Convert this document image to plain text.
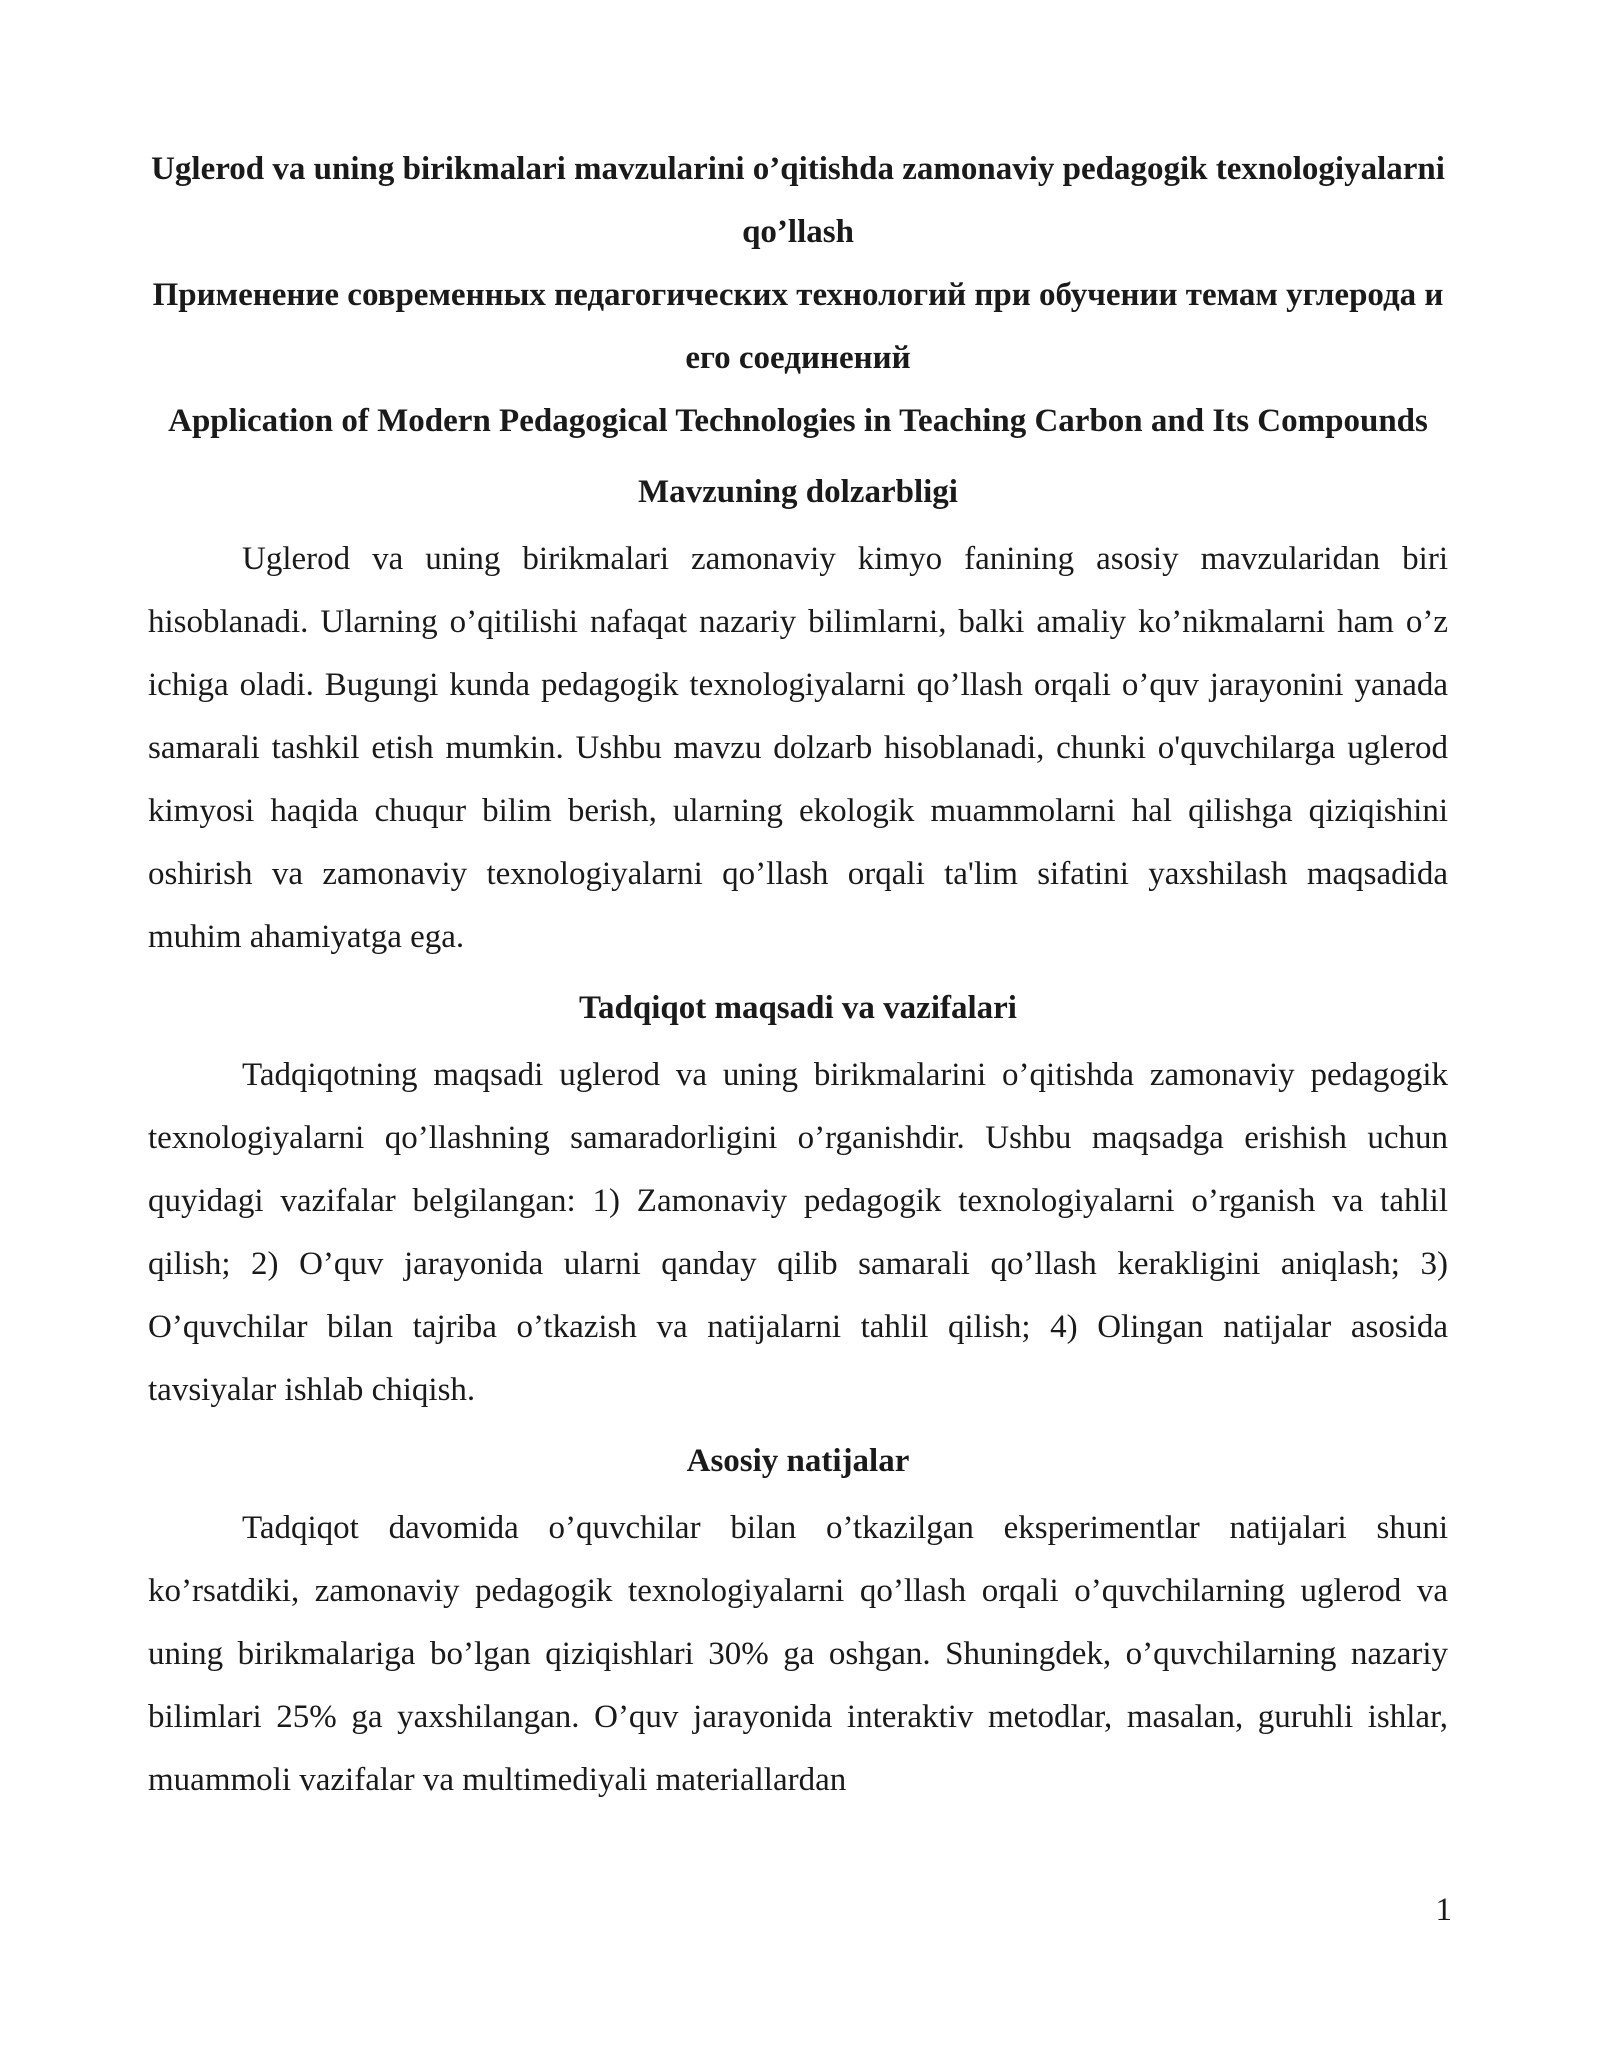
Uglerod va uning birikmalari mavzularini o’qitishda zamonaviy pedagogik texnologiyalarni qo’llash

Применение современных педагогических технологий при обучении темам углерода и его соединений

Application of Modern Pedagogical Technologies in Teaching Carbon and Its Compounds

Mavzuning dolzarbligi

Uglerod va uning birikmalari zamonaviy kimyo fanining asosiy mavzularidan biri hisoblanadi. Ularning o’qitilishi nafaqat nazariy bilimlarni, balki amaliy ko’nikmalarni ham o’z ichiga oladi. Bugungi kunda pedagogik texnologiyalarni qo’llash orqali o’quv jarayonini yanada samarali tashkil etish mumkin. Ushbu mavzu dolzarb hisoblanadi, chunki o'quvchilarga uglerod kimyosi haqida chuqur bilim berish, ularning ekologik muammolarni hal qilishga qiziqishini oshirish va zamonaviy texnologiyalarni qo’llash orqali ta'lim sifatini yaxshilash maqsadida muhim ahamiyatga ega.

Tadqiqot maqsadi va vazifalari

Tadqiqotning maqsadi uglerod va uning birikmalarini o’qitishda zamonaviy pedagogik texnologiyalarni qo’llashning samaradorligini o’rganishdir. Ushbu maqsadga erishish uchun quyidagi vazifalar belgilangan: 1) Zamonaviy pedagogik texnologiyalarni o’rganish va tahlil qilish; 2) O’quv jarayonida ularni qanday qilib samarali qo’llash kerakligini aniqlash; 3) O’quvchilar bilan tajriba o’tkazish va natijalarni tahlil qilish; 4) Olingan natijalar asosida tavsiyalar ishlab chiqish.

Asosiy natijalar

Tadqiqot davomida o’quvchilar bilan o’tkazilgan eksperimentlar natijalari shuni ko’rsatdiki, zamonaviy pedagogik texnologiyalarni qo’llash orqali o’quvchilarning uglerod va uning birikmalariga bo’lgan qiziqishlari 30% ga oshgan. Shuningdek, o’quvchilarning nazariy bilimlari 25% ga yaxshilangan. O’quv jarayonida interaktiv metodlar, masalan, guruhli ishlar, muammoli vazifalar va multimediyali materiallardan

1
